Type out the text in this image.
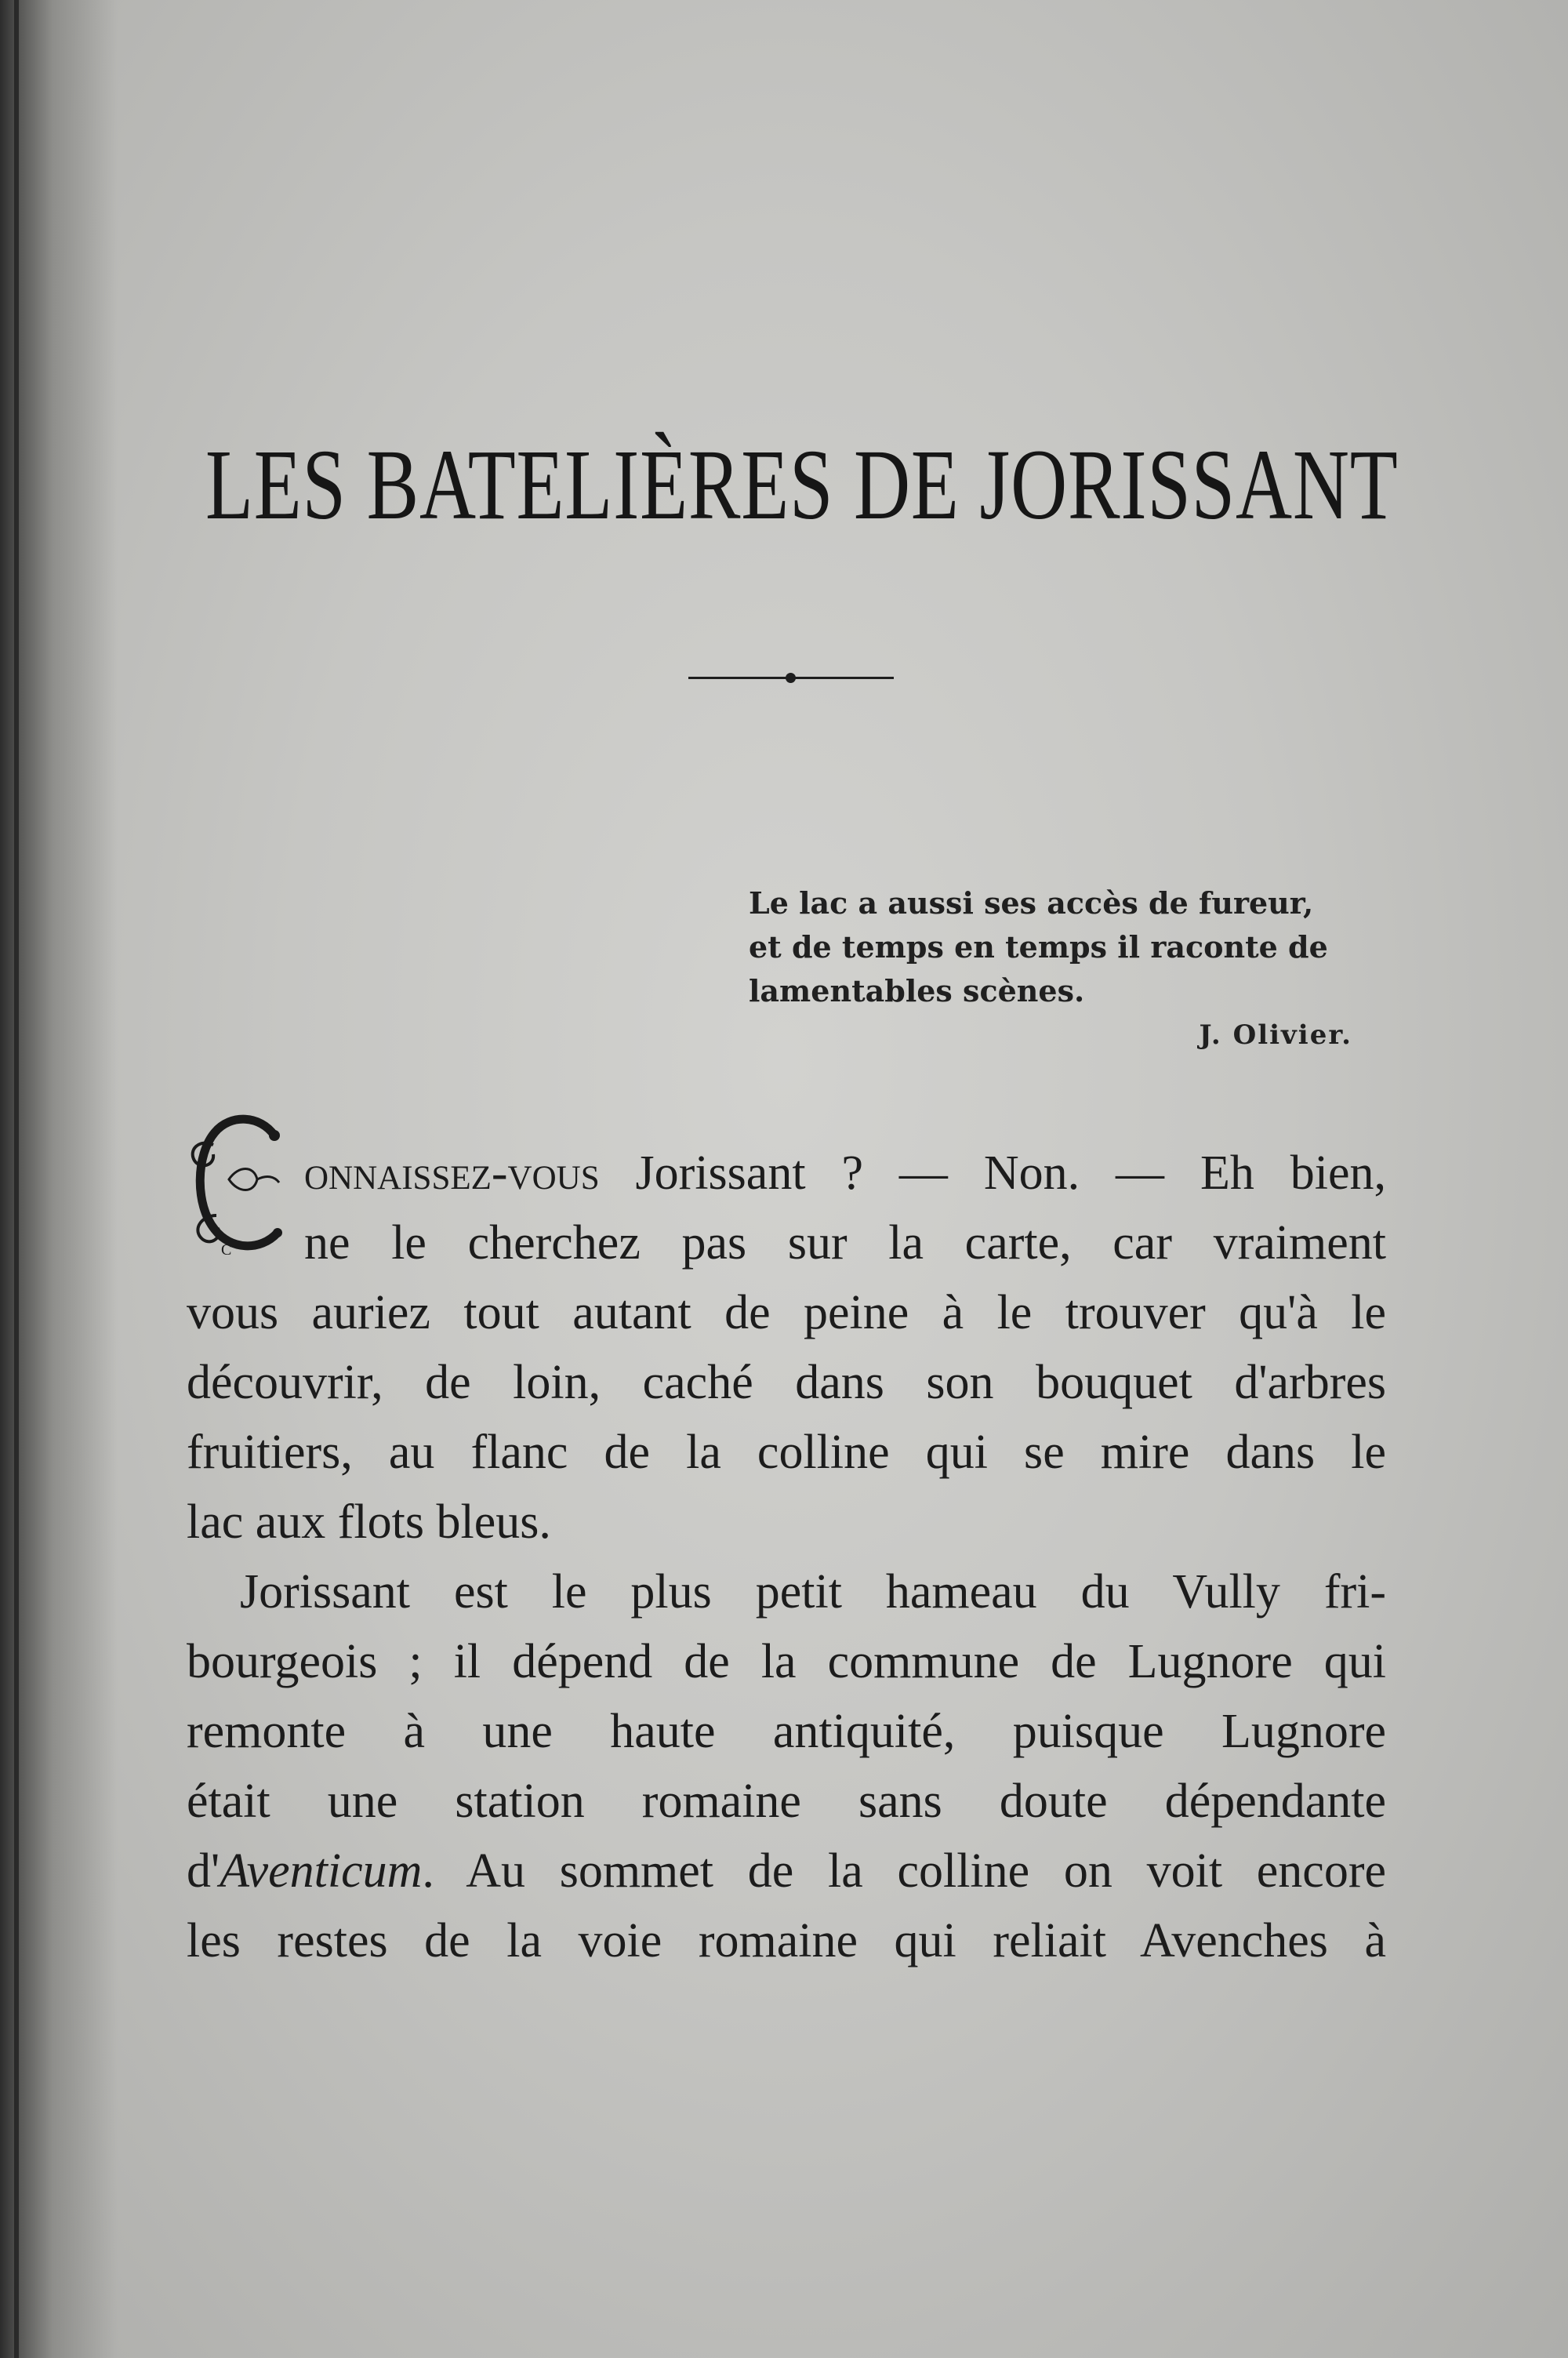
LES BATELIÈRES DE JORISSANT
Le lac a aussi ses accès de fureur,
et de temps en temps il raconte de
lamentables scènes.
J. Olivier.
C
onnaissez-vous Jorissant ? — Non. — Eh bien,
ne le cherchez pas sur la carte, car vraiment
vous auriez tout autant de peine à le trouver qu'à le
découvrir, de loin, caché dans son bouquet d'arbres
fruitiers, au flanc de la colline qui se mire dans le
lac aux flots bleus.
Jorissant est le plus petit hameau du Vully fri-
bourgeois ; il dépend de la commune de Lugnore qui
remonte à une haute antiquité, puisque Lugnore
était une station romaine sans doute dépendante
d'Aventicum. Au sommet de la colline on voit encore
les restes de la voie romaine qui reliait Avenches à
